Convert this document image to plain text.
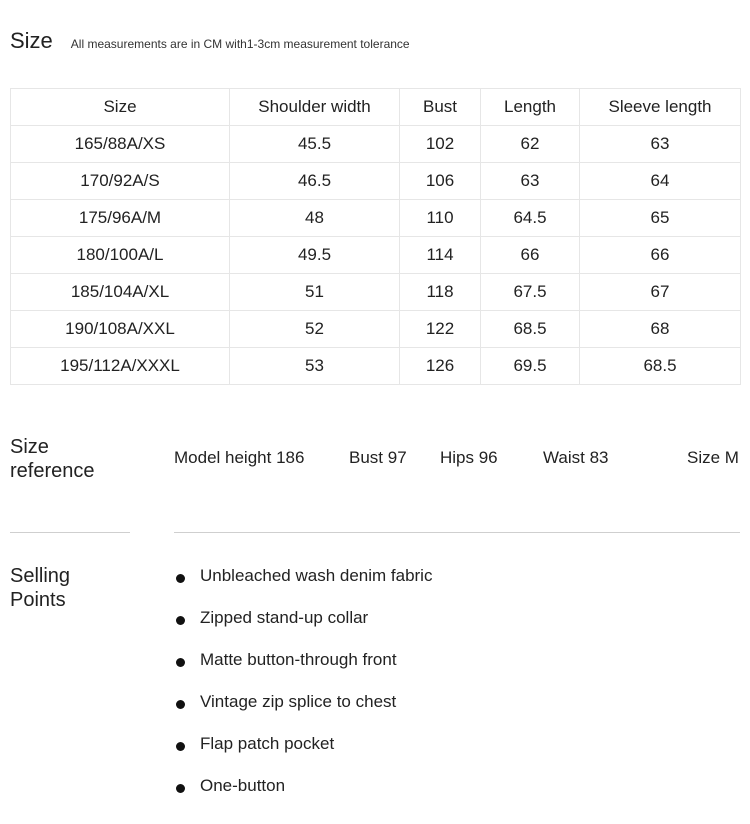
Size All measurements are in CM with1-3cm measurement tolerance
Size	Shoulder width	Bust	Length	Sleeve length
165/88A/XS	45.5	102	62	63
170/92A/S	46.5	106	63	64
175/96A/M	48	110	64.5	65
180/100A/L	49.5	114	66	66
185/104A/XL	51	118	67.5	67
190/108A/XXL	52	122	68.5	68
195/112A/XXXL	53	126	69.5	68.5
Size
reference
Model height 186	Bust 97 Hips 96	Waist 83	Size M
Selling
Points
Unbleached wash denim fabric
Zipped stand-up collar
Matte button-through front
Vintage zip splice to chest
Flap patch pocket
One-button
